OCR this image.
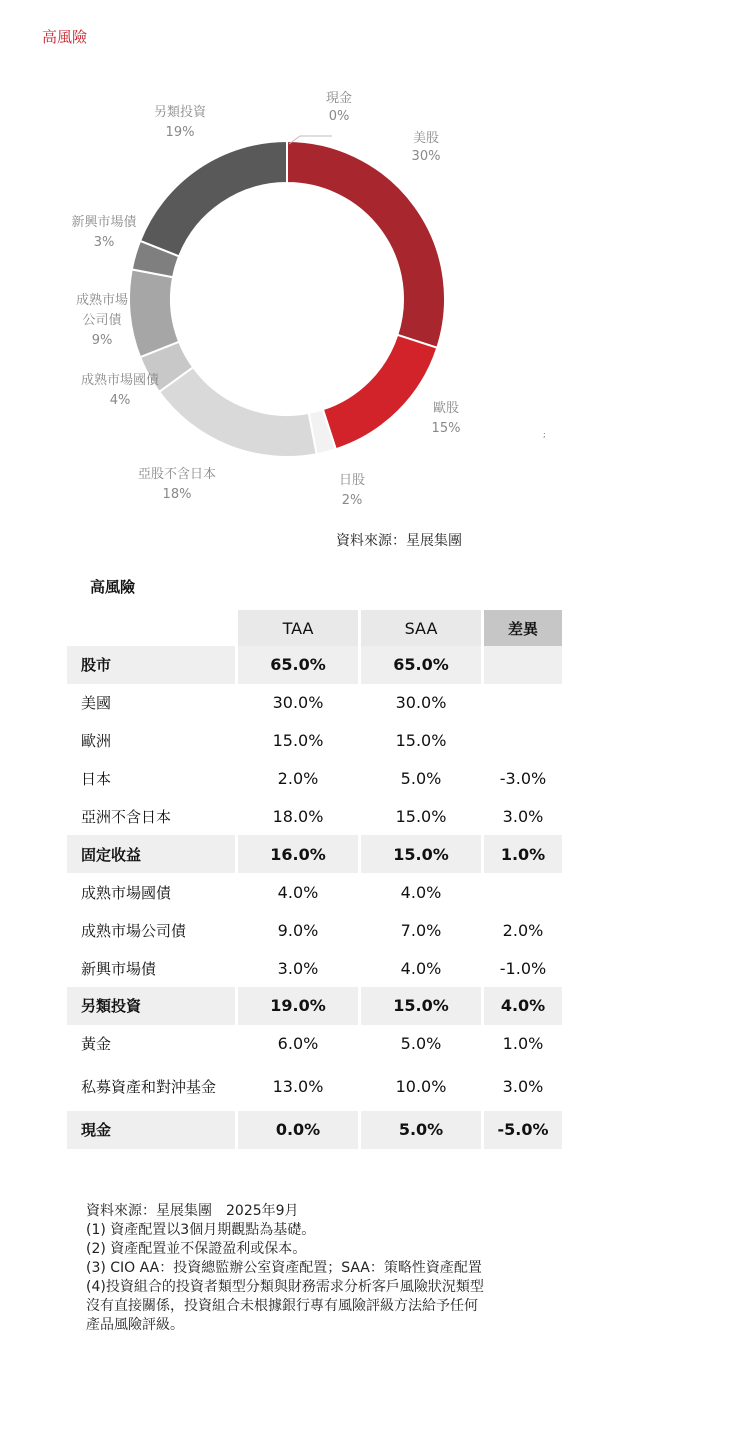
高風險
現金
0%
美股
30%
歐股
15%
日股
2%
亞股不含日本
18%
成熟市場國債
4%
成熟市場
公司債
9%
新興市場債
3%
另類投資
19%
;
資料來源：星展集團
高風險
	TAA	SAA	差異
股市	65.0%	65.0%	
美國	30.0%	30.0%	
歐洲	15.0%	15.0%	
日本	2.0%	5.0%	-3.0%
亞洲不含日本	18.0%	15.0%	3.0%
固定收益	16.0%	15.0%	1.0%
成熟市場國債	4.0%	4.0%	
成熟市場公司債	9.0%	7.0%	2.0%
新興市場債	3.0%	4.0%	-1.0%
另類投資	19.0%	15.0%	4.0%
黃金	6.0%	5.0%	1.0%
私募資產和對沖基金	13.0%	10.0%	3.0%
現金	0.0%	5.0%	-5.0%
資料來源：星展集團　2025年9月
(1) 資產配置以3個月期觀點為基礎。
(2) 資產配置並不保證盈利或保本。
(3) CIO AA：投資總監辦公室資產配置；SAA：策略性資產配置
(4)投資組合的投資者類型分類與財務需求分析客戶風險狀況類型
沒有直接關係，投資組合未根據銀行專有風險評級方法給予任何
產品風險評級。
